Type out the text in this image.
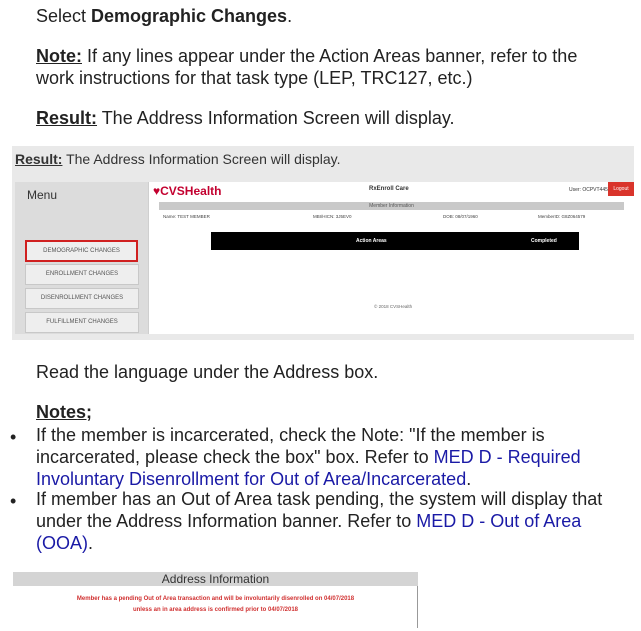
Select Demographic Changes.
Note: If any lines appear under the Action Areas banner, refer to the
work instructions for that task type (LEP, TRC127, etc.)
Result: The Address Information Screen will display.
Result: The Address Information Screen will display.
Menu
DEMOGRAPHIC CHANGES
ENROLLMENT CHANGES
DISENROLLMENT CHANGES
FULFILLMENT CHANGES
♥CVSHealth	RxEnroll Care	User: OCPVT445	Logout
Member Information
Name: TEST MEMBER	MBI/HICN: 3J5EV0	DOB: 08/07/1960	MemberID: G8Z064579
Action Areas	Completed
© 2018 CVSHealth
Read the language under the Address box.
Notes;
• If the member is incarcerated, check the Note: "If the member is
incarcerated, please check the box" box. Refer to MED D - Required
Involuntary Disenrollment for Out of Area/Incarcerated.
• If member has an Out of Area task pending, the system will display that
under the Address Information banner. Refer to MED D - Out of Area
(OOA).
Address Information
Member has a pending Out of Area transaction and will be involuntarily disenrolled on 04/07/2018
unless an in area address is confirmed prior to 04/07/2018
